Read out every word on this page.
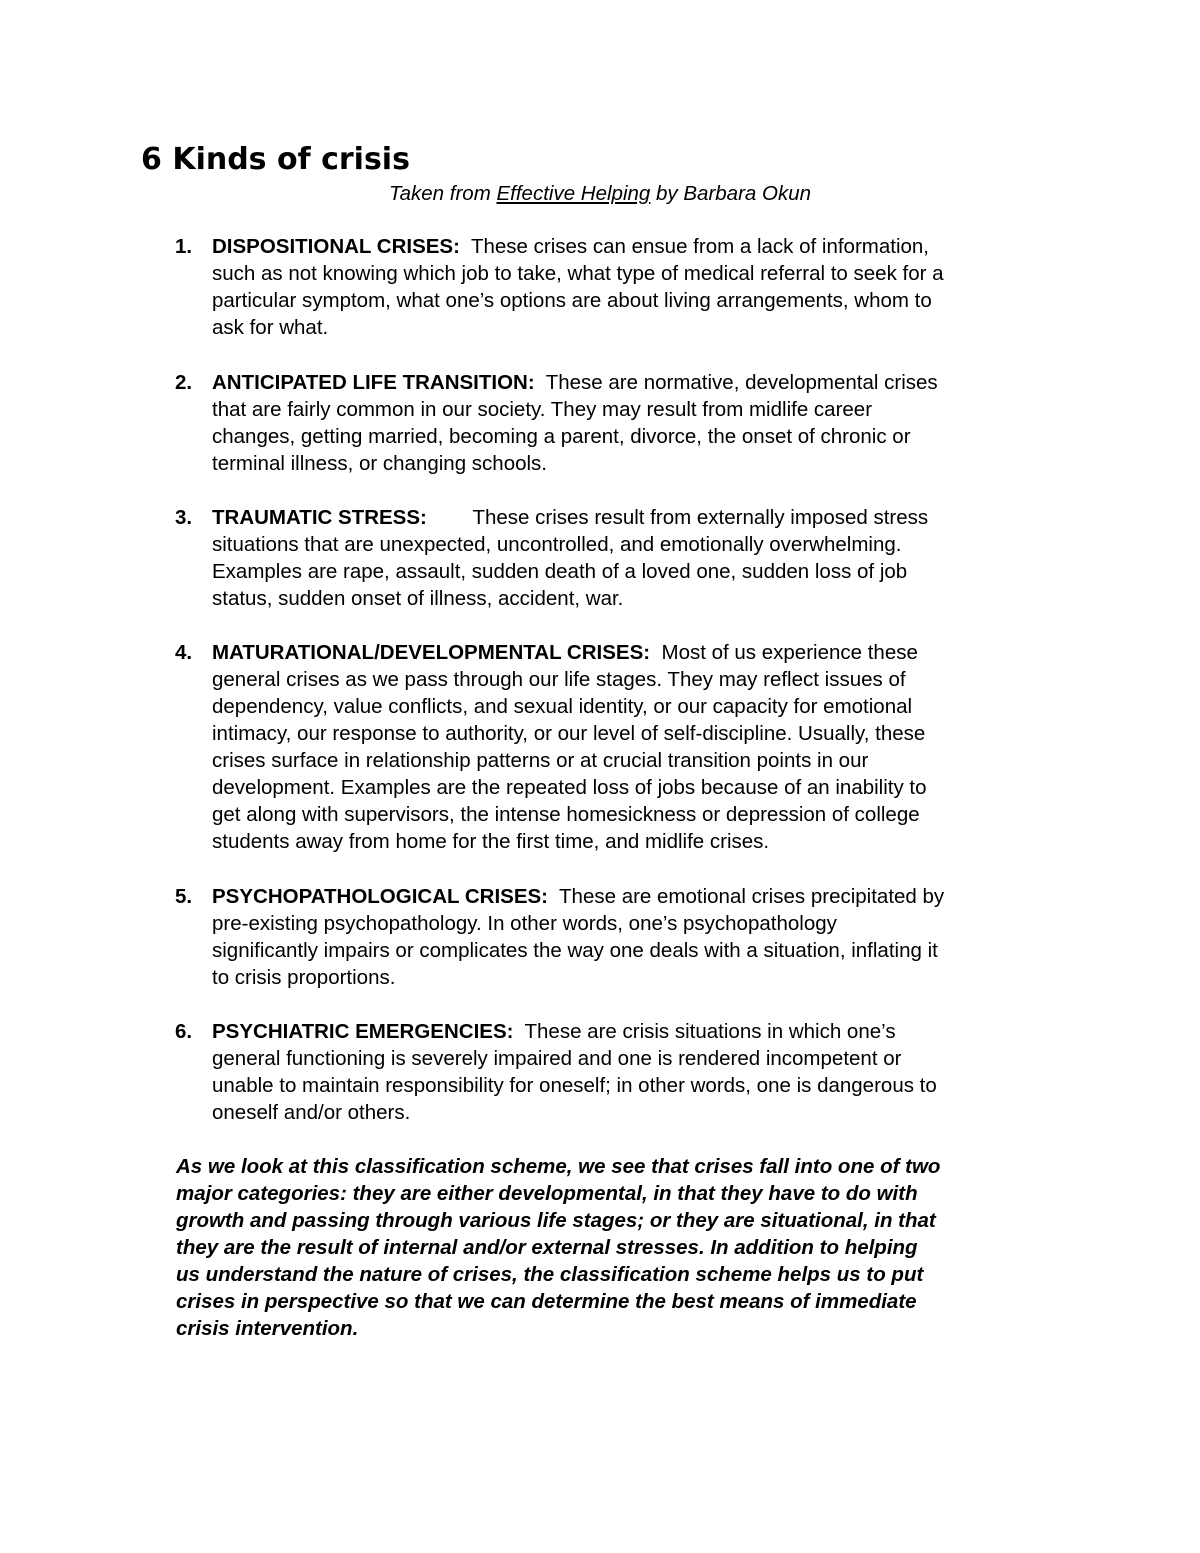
6 Kinds of crisis
Taken from Effective Helping by Barbara Okun
1. DISPOSITIONAL CRISES: These crises can ensue from a lack of information,
such as not knowing which job to take, what type of medical referral to seek for a
particular symptom, what one’s options are about living arrangements, whom to
ask for what.
2. ANTICIPATED LIFE TRANSITION: These are normative, developmental crises
that are fairly common in our society. They may result from midlife career
changes, getting married, becoming a parent, divorce, the onset of chronic or
terminal illness, or changing schools.
3. TRAUMATIC STRESS: These crises result from externally imposed stress
situations that are unexpected, uncontrolled, and emotionally overwhelming.
Examples are rape, assault, sudden death of a loved one, sudden loss of job
status, sudden onset of illness, accident, war.
4. MATURATIONAL/DEVELOPMENTAL CRISES: Most of us experience these
general crises as we pass through our life stages. They may reflect issues of
dependency, value conflicts, and sexual identity, or our capacity for emotional
intimacy, our response to authority, or our level of self-discipline. Usually, these
crises surface in relationship patterns or at crucial transition points in our
development. Examples are the repeated loss of jobs because of an inability to
get along with supervisors, the intense homesickness or depression of college
students away from home for the first time, and midlife crises.
5. PSYCHOPATHOLOGICAL CRISES: These are emotional crises precipitated by
pre-existing psychopathology. In other words, one’s psychopathology
significantly impairs or complicates the way one deals with a situation, inflating it
to crisis proportions.
6. PSYCHIATRIC EMERGENCIES: These are crisis situations in which one’s
general functioning is severely impaired and one is rendered incompetent or
unable to maintain responsibility for oneself; in other words, one is dangerous to
oneself and/or others.
As we look at this classification scheme, we see that crises fall into one of two
major categories: they are either developmental, in that they have to do with
growth and passing through various life stages; or they are situational, in that
they are the result of internal and/or external stresses. In addition to helping
us understand the nature of crises, the classification scheme helps us to put
crises in perspective so that we can determine the best means of immediate
crisis intervention.
